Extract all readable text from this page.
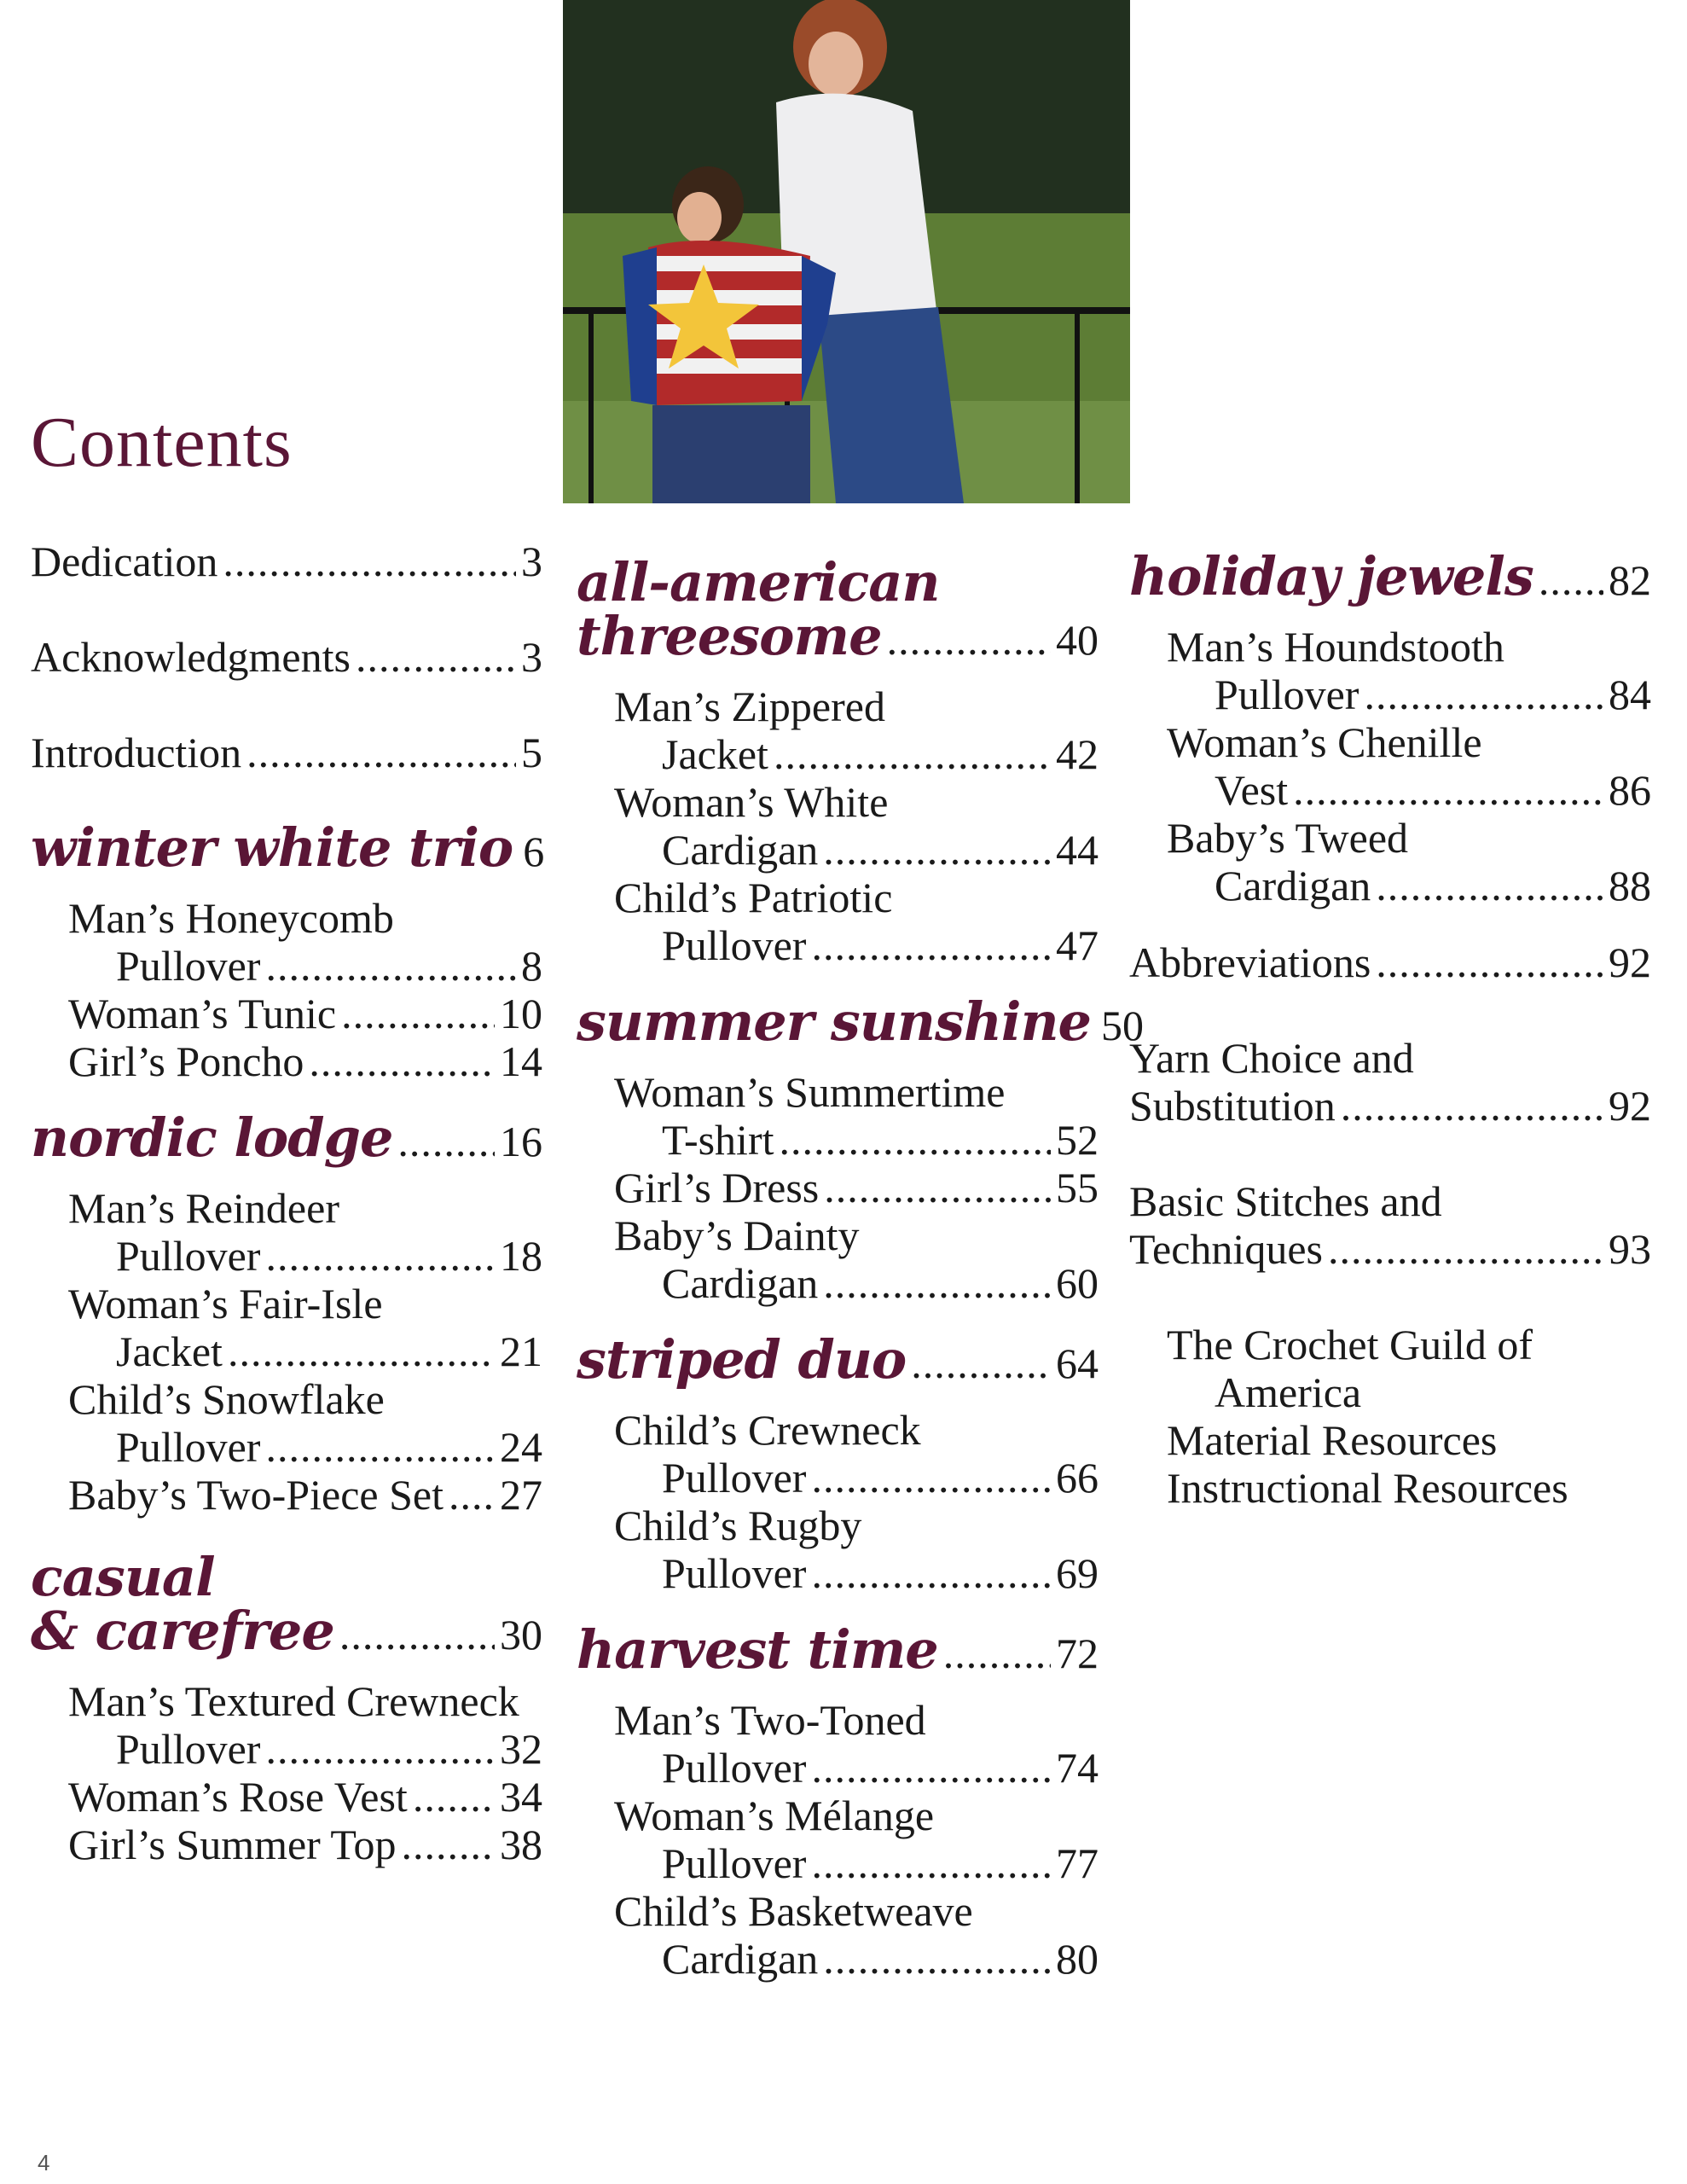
Contents
Dedication .....	3
Acknowledgments .....	3
Introduction .....	5
winter white trio 6
Man’s Honeycomb
Pullover .....	8
Woman’s Tunic .....	10
Girl’s Poncho .....	14
nordic lodge .....	16
Man’s Reindeer
Pullover .....	18
Woman’s Fair-Isle
Jacket .....	21
Child’s Snowflake
Pullover .....	24
Baby’s Two-Piece Set ..... 27
casual
& carefree .....	30
Man’s Textured Crewneck
Pullover .....	32
Woman’s Rose Vest ..... 34
Girl’s Summer Top ..... 38
all-american
threesome .....	40
Man’s Zippered
Jacket .....	42
Woman’s White
Cardigan .....	44
Child’s Patriotic
Pullover .....	47
summer sunshine 50
Woman’s Summertime
T-shirt .....	52
Girl’s Dress .....	55
Baby’s Dainty
Cardigan .....	60
striped duo .....	64
Child’s Crewneck
Pullover .....	66
Child’s Rugby
Pullover .....	69
harvest time .....	72
Man’s Two-Toned
Pullover .....	74
Woman’s Mélange
Pullover .....	77
Child’s Basketweave
Cardigan .....	80
holiday jewels ..... 82
Man’s Houndstooth
Pullover .....	84
Woman’s Chenille
Vest .....	86
Baby’s Tweed
Cardigan .....	88
Abbreviations .....	92
Yarn Choice and
Substitution .....	92
Basic Stitches and
Techniques .....	93
The Crochet Guild of
America
Material Resources
Instructional Resources
4
